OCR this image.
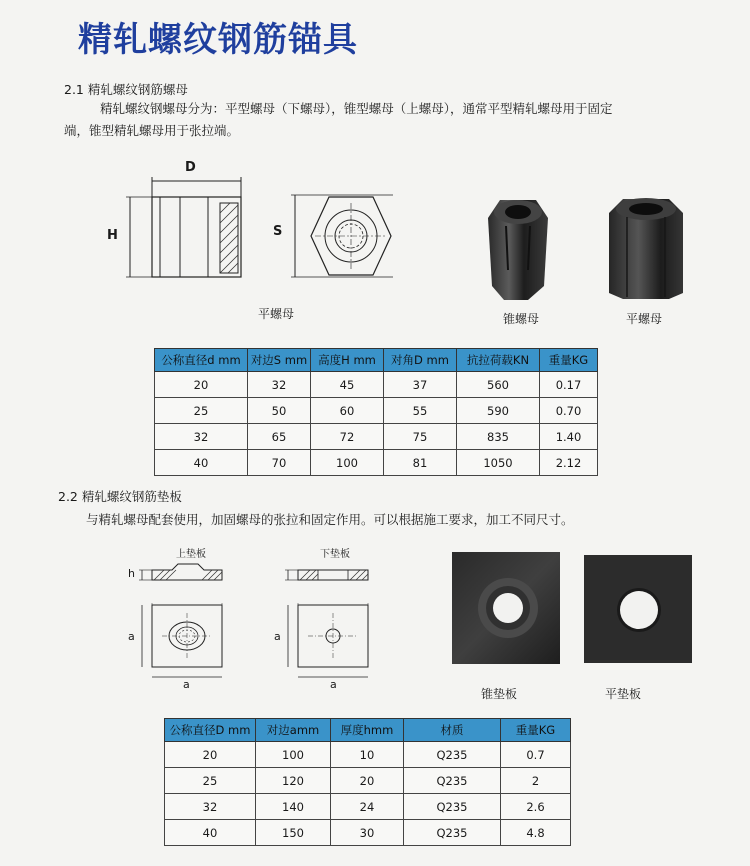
精轧螺纹钢筋锚具
2.1 精轧螺纹钢筋螺母
精轧螺纹钢螺母分为：平型螺母（下螺母），锥型螺母（上螺母），通常平型精轧螺母用于固定
端，锥型精轧螺母用于张拉端。
D
H	S
平螺母	锥螺母	平螺母
公称直径d mm	对边S mm	高度H mm	对角D mm	抗拉荷载KN	重量KG
20	32	45	37	560	0.17
25	50	60	55	590	0.70
32	65	72	75	835	1.40
40	70	100	81	1050	2.12
2.2 精轧螺纹钢筋垫板
与精轧螺母配套使用，加固螺母的张拉和固定作用。可以根据施工要求，加工不同尺寸。
上垫板
h
a
a
下垫板
a
a
锥垫板	平垫板
公称直径D mm	对边amm	厚度hmm	材质	重量KG
20	100	10	Q235	0.7
25	120	20	Q235	2
32	140	24	Q235	2.6
40	150	30	Q235	4.8
